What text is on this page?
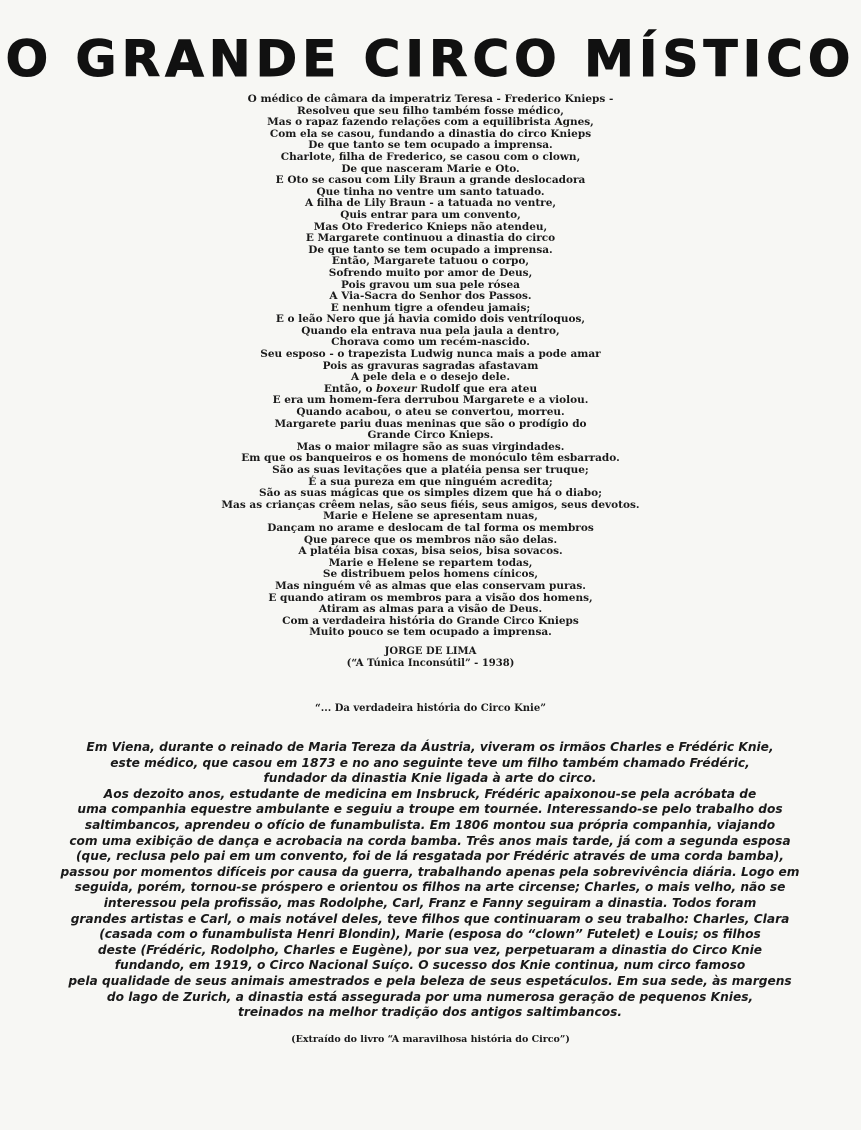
O GRANDE CIRCO MÍSTICO
O médico de câmara da imperatriz Teresa - Frederico Knieps -
Resolveu que seu filho também fosse médico,
Mas o rapaz fazendo relações com a equilibrista Agnes,
Com ela se casou, fundando a dinastia do circo Knieps
De que tanto se tem ocupado a imprensa.
Charlote, filha de Frederico, se casou com o clown,
De que nasceram Marie e Oto.
E Oto se casou com Lily Braun a grande deslocadora
Que tinha no ventre um santo tatuado.
A filha de Lily Braun - a tatuada no ventre,
Quis entrar para um convento,
Mas Oto Frederico Knieps não atendeu,
E Margarete continuou a dinastia do circo
De que tanto se tem ocupado a imprensa.
Então, Margarete tatuou o corpo,
Sofrendo muito por amor de Deus,
Pois gravou um sua pele rósea
A Via-Sacra do Senhor dos Passos.
E nenhum tigre a ofendeu jamais;
E o leão Nero que já havia comido dois ventríloquos,
Quando ela entrava nua pela jaula a dentro,
Chorava como um recém-nascido.
Seu esposo - o trapezista Ludwig nunca mais a pode amar
Pois as gravuras sagradas afastavam
A pele dela e o desejo dele.
Então, o boxeur Rudolf que era ateu
E era um homem-fera derrubou Margarete e a violou.
Quando acabou, o ateu se convertou, morreu.
Margarete pariu duas meninas que são o prodígio do
Grande Circo Knieps.
Mas o maior milagre são as suas virgindades.
Em que os banqueiros e os homens de monóculo têm esbarrado.
São as suas levitações que a platéia pensa ser truque;
É a sua pureza em que ninguém acredita;
São as suas mágicas que os simples dizem que há o diabo;
Mas as crianças crêem nelas, são seus fiéis, seus amigos, seus devotos.
Marie e Helene se apresentam nuas,
Dançam no arame e deslocam de tal forma os membros
Que parece que os membros não são delas.
A platéia bisa coxas, bisa seios, bisa sovacos.
Marie e Helene se repartem todas,
Se distribuem pelos homens cínicos,
Mas ninguém vê as almas que elas conservam puras.
E quando atiram os membros para a visão dos homens,
Atiram as almas para a visão de Deus.
Com a verdadeira história do Grande Circo Knieps
Muito pouco se tem ocupado a imprensa.
JORGE DE LIMA
(“A Túnica Inconsútil” - 1938)
“... Da verdadeira história do Circo Knie”
Em Viena, durante o reinado de Maria Tereza da Áustria, viveram os irmãos Charles e Frédéric Knie,
este médico, que casou em 1873 e no ano seguinte teve um filho também chamado Frédéric,
fundador da dinastia Knie ligada à arte do circo.
Aos dezoito anos, estudante de medicina em Insbruck, Frédéric apaixonou-se pela acróbata de
uma companhia equestre ambulante e seguiu a troupe em tournée. Interessando-se pelo trabalho dos
saltimbancos, aprendeu o ofício de funambulista. Em 1806 montou sua própria companhia, viajando
com uma exibição de dança e acrobacia na corda bamba. Três anos mais tarde, já com a segunda esposa
(que, reclusa pelo pai em um convento, foi de lá resgatada por Frédéric através de uma corda bamba),
passou por momentos difíceis por causa da guerra, trabalhando apenas pela sobrevivência diária. Logo em
seguida, porém, tornou-se próspero e orientou os filhos na arte circense; Charles, o mais velho, não se
interessou pela profissão, mas Rodolphe, Carl, Franz e Fanny seguiram a dinastia. Todos foram
grandes artistas e Carl, o mais notável deles, teve filhos que continuaram o seu trabalho: Charles, Clara
(casada com o funambulista Henri Blondin), Marie (esposa do “clown” Futelet) e Louis; os filhos
deste (Frédéric, Rodolpho, Charles e Eugène), por sua vez, perpetuaram a dinastia do Circo Knie
fundando, em 1919, o Circo Nacional Suíço. O sucesso dos Knie continua, num circo famoso
pela qualidade de seus animais amestrados e pela beleza de seus espetáculos. Em sua sede, às margens
do lago de Zurich, a dinastia está assegurada por uma numerosa geração de pequenos Knies,
treinados na melhor tradição dos antigos saltimbancos.
(Extraído do livro “A maravilhosa história do Circo”)
